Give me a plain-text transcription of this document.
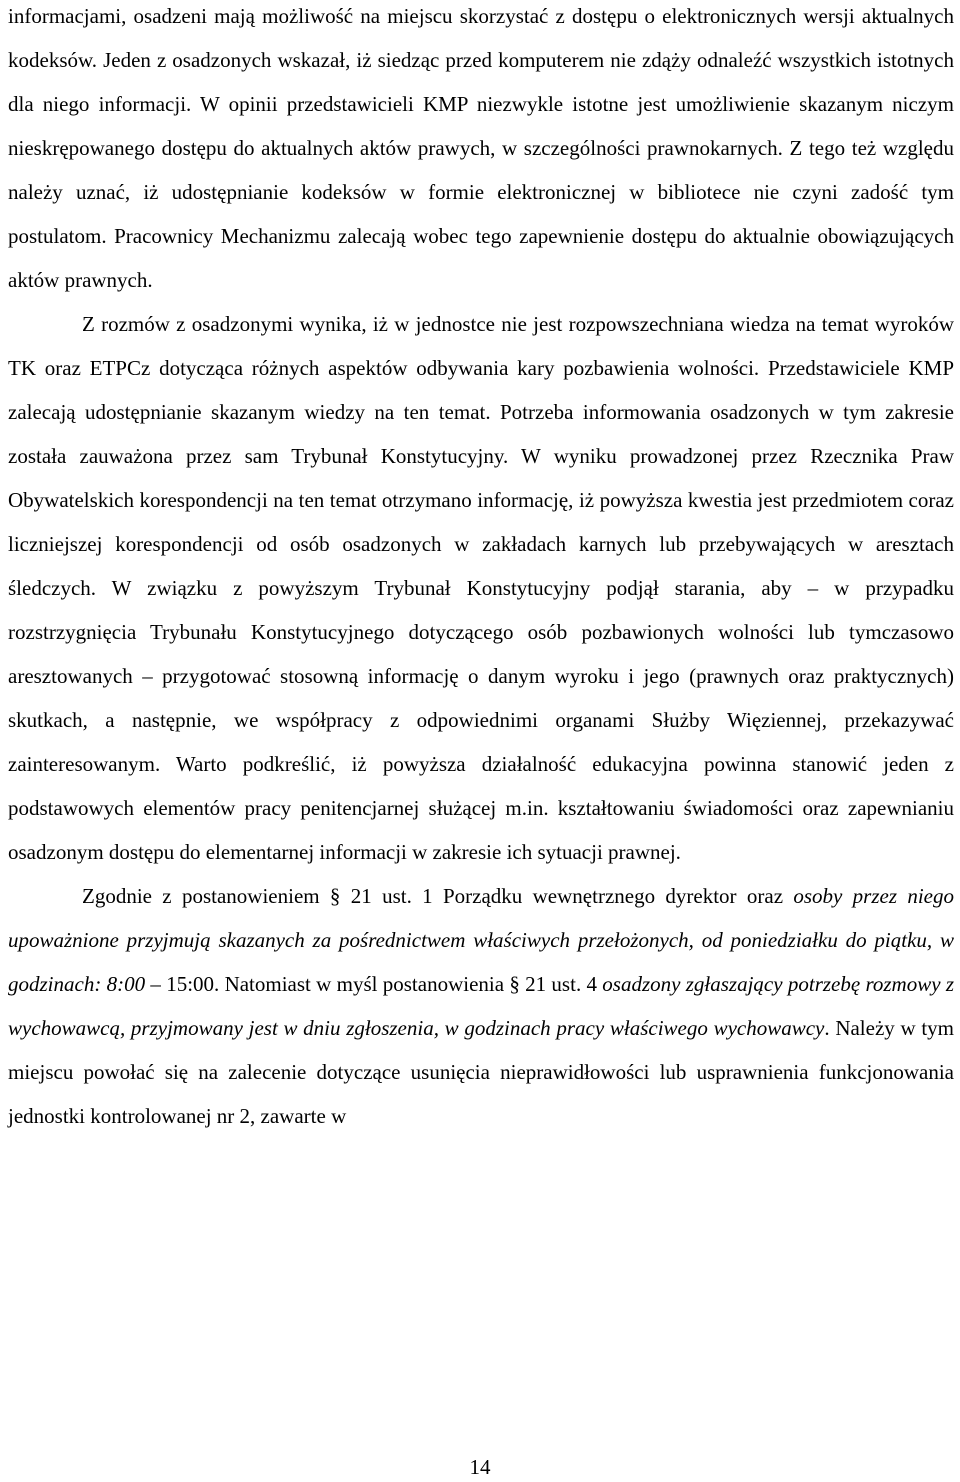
informacjami, osadzeni mają możliwość na miejscu skorzystać z dostępu o elektronicznych wersji aktualnych kodeksów. Jeden z osadzonych wskazał, iż siedząc przed komputerem nie zdąży odnaleźć wszystkich istotnych dla niego informacji. W opinii przedstawicieli KMP niezwykle istotne jest umożliwienie skazanym niczym nieskrępowanego dostępu do aktualnych aktów prawych, w szczególności prawnokarnych. Z tego też względu należy uznać, iż udostępnianie kodeksów w formie elektronicznej w bibliotece nie czyni zadość tym postulatom. Pracownicy Mechanizmu zalecają wobec tego zapewnienie dostępu do aktualnie obowiązujących aktów prawnych.

Z rozmów z osadzonymi wynika, iż w jednostce nie jest rozpowszechniana wiedza na temat wyroków TK oraz ETPCz dotycząca różnych aspektów odbywania kary pozbawienia wolności. Przedstawiciele KMP zalecają udostępnianie skazanym wiedzy na ten temat. Potrzeba informowania osadzonych w tym zakresie została zauważona przez sam Trybunał Konstytucyjny. W wyniku prowadzonej przez Rzecznika Praw Obywatelskich korespondencji na ten temat otrzymano informację, iż powyższa kwestia jest przedmiotem coraz liczniejszej korespondencji od osób osadzonych w zakładach karnych lub przebywających w aresztach śledczych. W związku z powyższym Trybunał Konstytucyjny podjął starania, aby – w przypadku rozstrzygnięcia Trybunału Konstytucyjnego dotyczącego osób pozbawionych wolności lub tymczasowo aresztowanych – przygotować stosowną informację o danym wyroku i jego (prawnych oraz praktycznych) skutkach, a następnie, we współpracy z odpowiednimi organami Służby Więziennej, przekazywać zainteresowanym. Warto podkreślić, iż powyższa działalność edukacyjna powinna stanowić jeden z podstawowych elementów pracy penitencjarnej służącej m.in. kształtowaniu świadomości oraz zapewnianiu osadzonym dostępu do elementarnej informacji w zakresie ich sytuacji prawnej.

Zgodnie z postanowieniem § 21 ust. 1 Porządku wewnętrznego dyrektor oraz osoby przez niego upoważnione przyjmują skazanych za pośrednictwem właściwych przełożonych, od poniedziałku do piątku, w godzinach: 8:00 – 15:00. Natomiast w myśl postanowienia § 21 ust. 4 osadzony zgłaszający potrzebę rozmowy z wychowawcą, przyjmowany jest w dniu zgłoszenia, w godzinach pracy właściwego wychowawcy. Należy w tym miejscu powołać się na zalecenie dotyczące usunięcia nieprawidłowości lub usprawnienia funkcjonowania jednostki kontrolowanej nr 2, zawarte w

14
